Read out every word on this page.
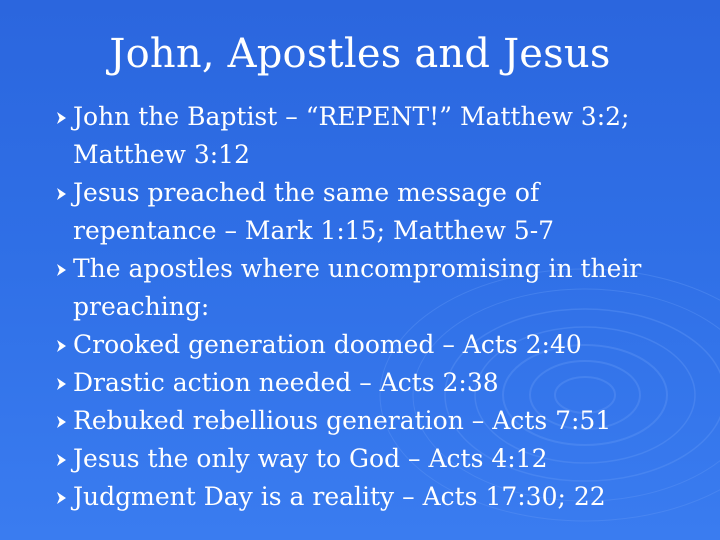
John, Apostles and Jesus
John the Baptist – “REPENT!” Matthew 3:2; Matthew 3:12
Jesus preached the same message of repentance – Mark 1:15; Matthew 5-7
The apostles where uncompromising in their preaching:
Crooked generation doomed – Acts 2:40
Drastic action needed – Acts 2:38
Rebuked rebellious generation – Acts 7:51
Jesus the only way to God – Acts 4:12
Judgment Day is a reality – Acts 17:30; 22
